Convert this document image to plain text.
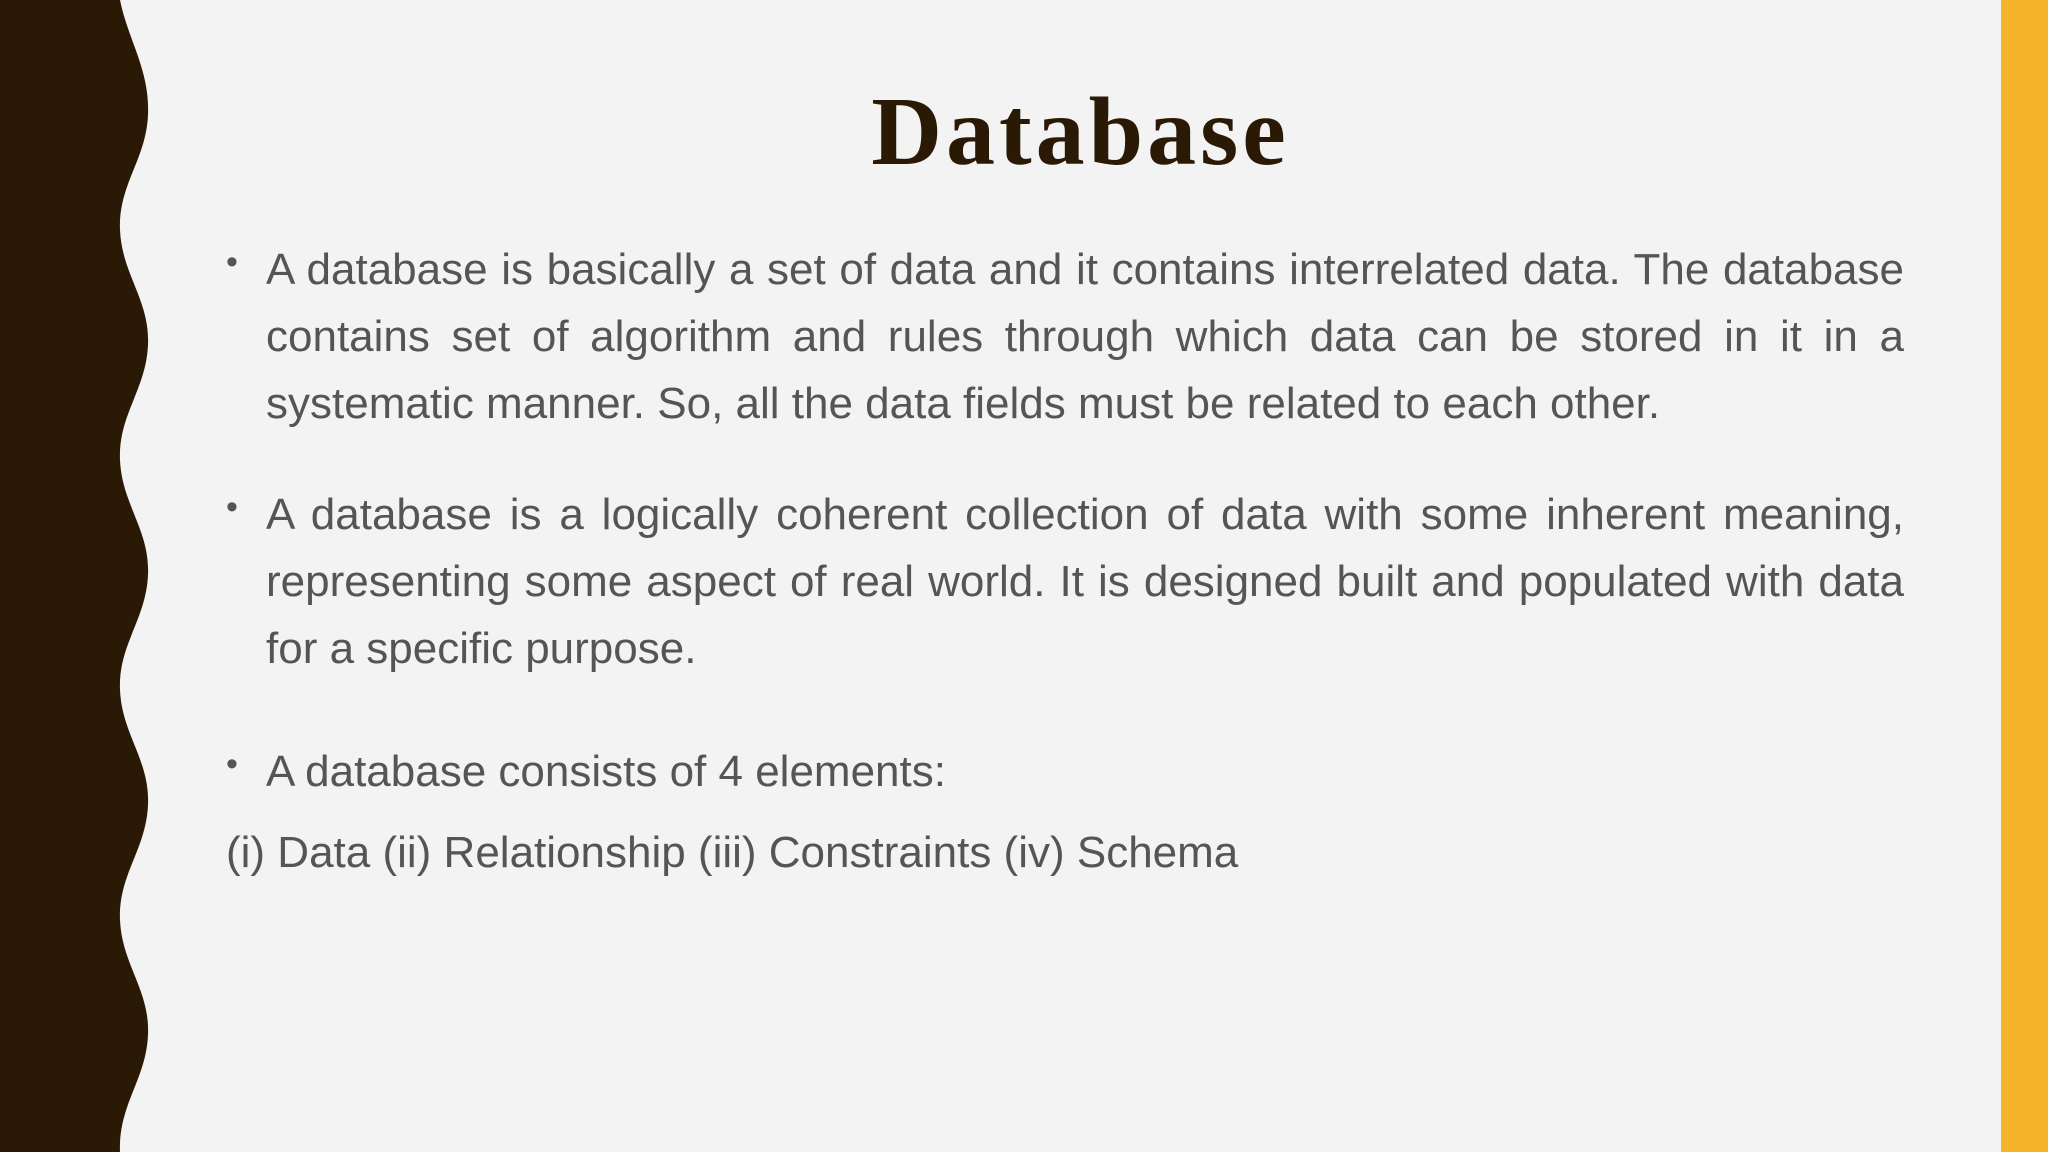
Database
• A database is basically a set of data and it contains interrelated data. The database contains set of algorithm and rules through which data can be stored in it in a systematic manner. So, all the data fields must be related to each other.
• A database is a logically coherent collection of data with some inherent meaning, representing some aspect of real world. It is designed built and populated with data for a specific purpose.
• A database consists of 4 elements:
(i) Data (ii) Relationship (iii) Constraints (iv) Schema
